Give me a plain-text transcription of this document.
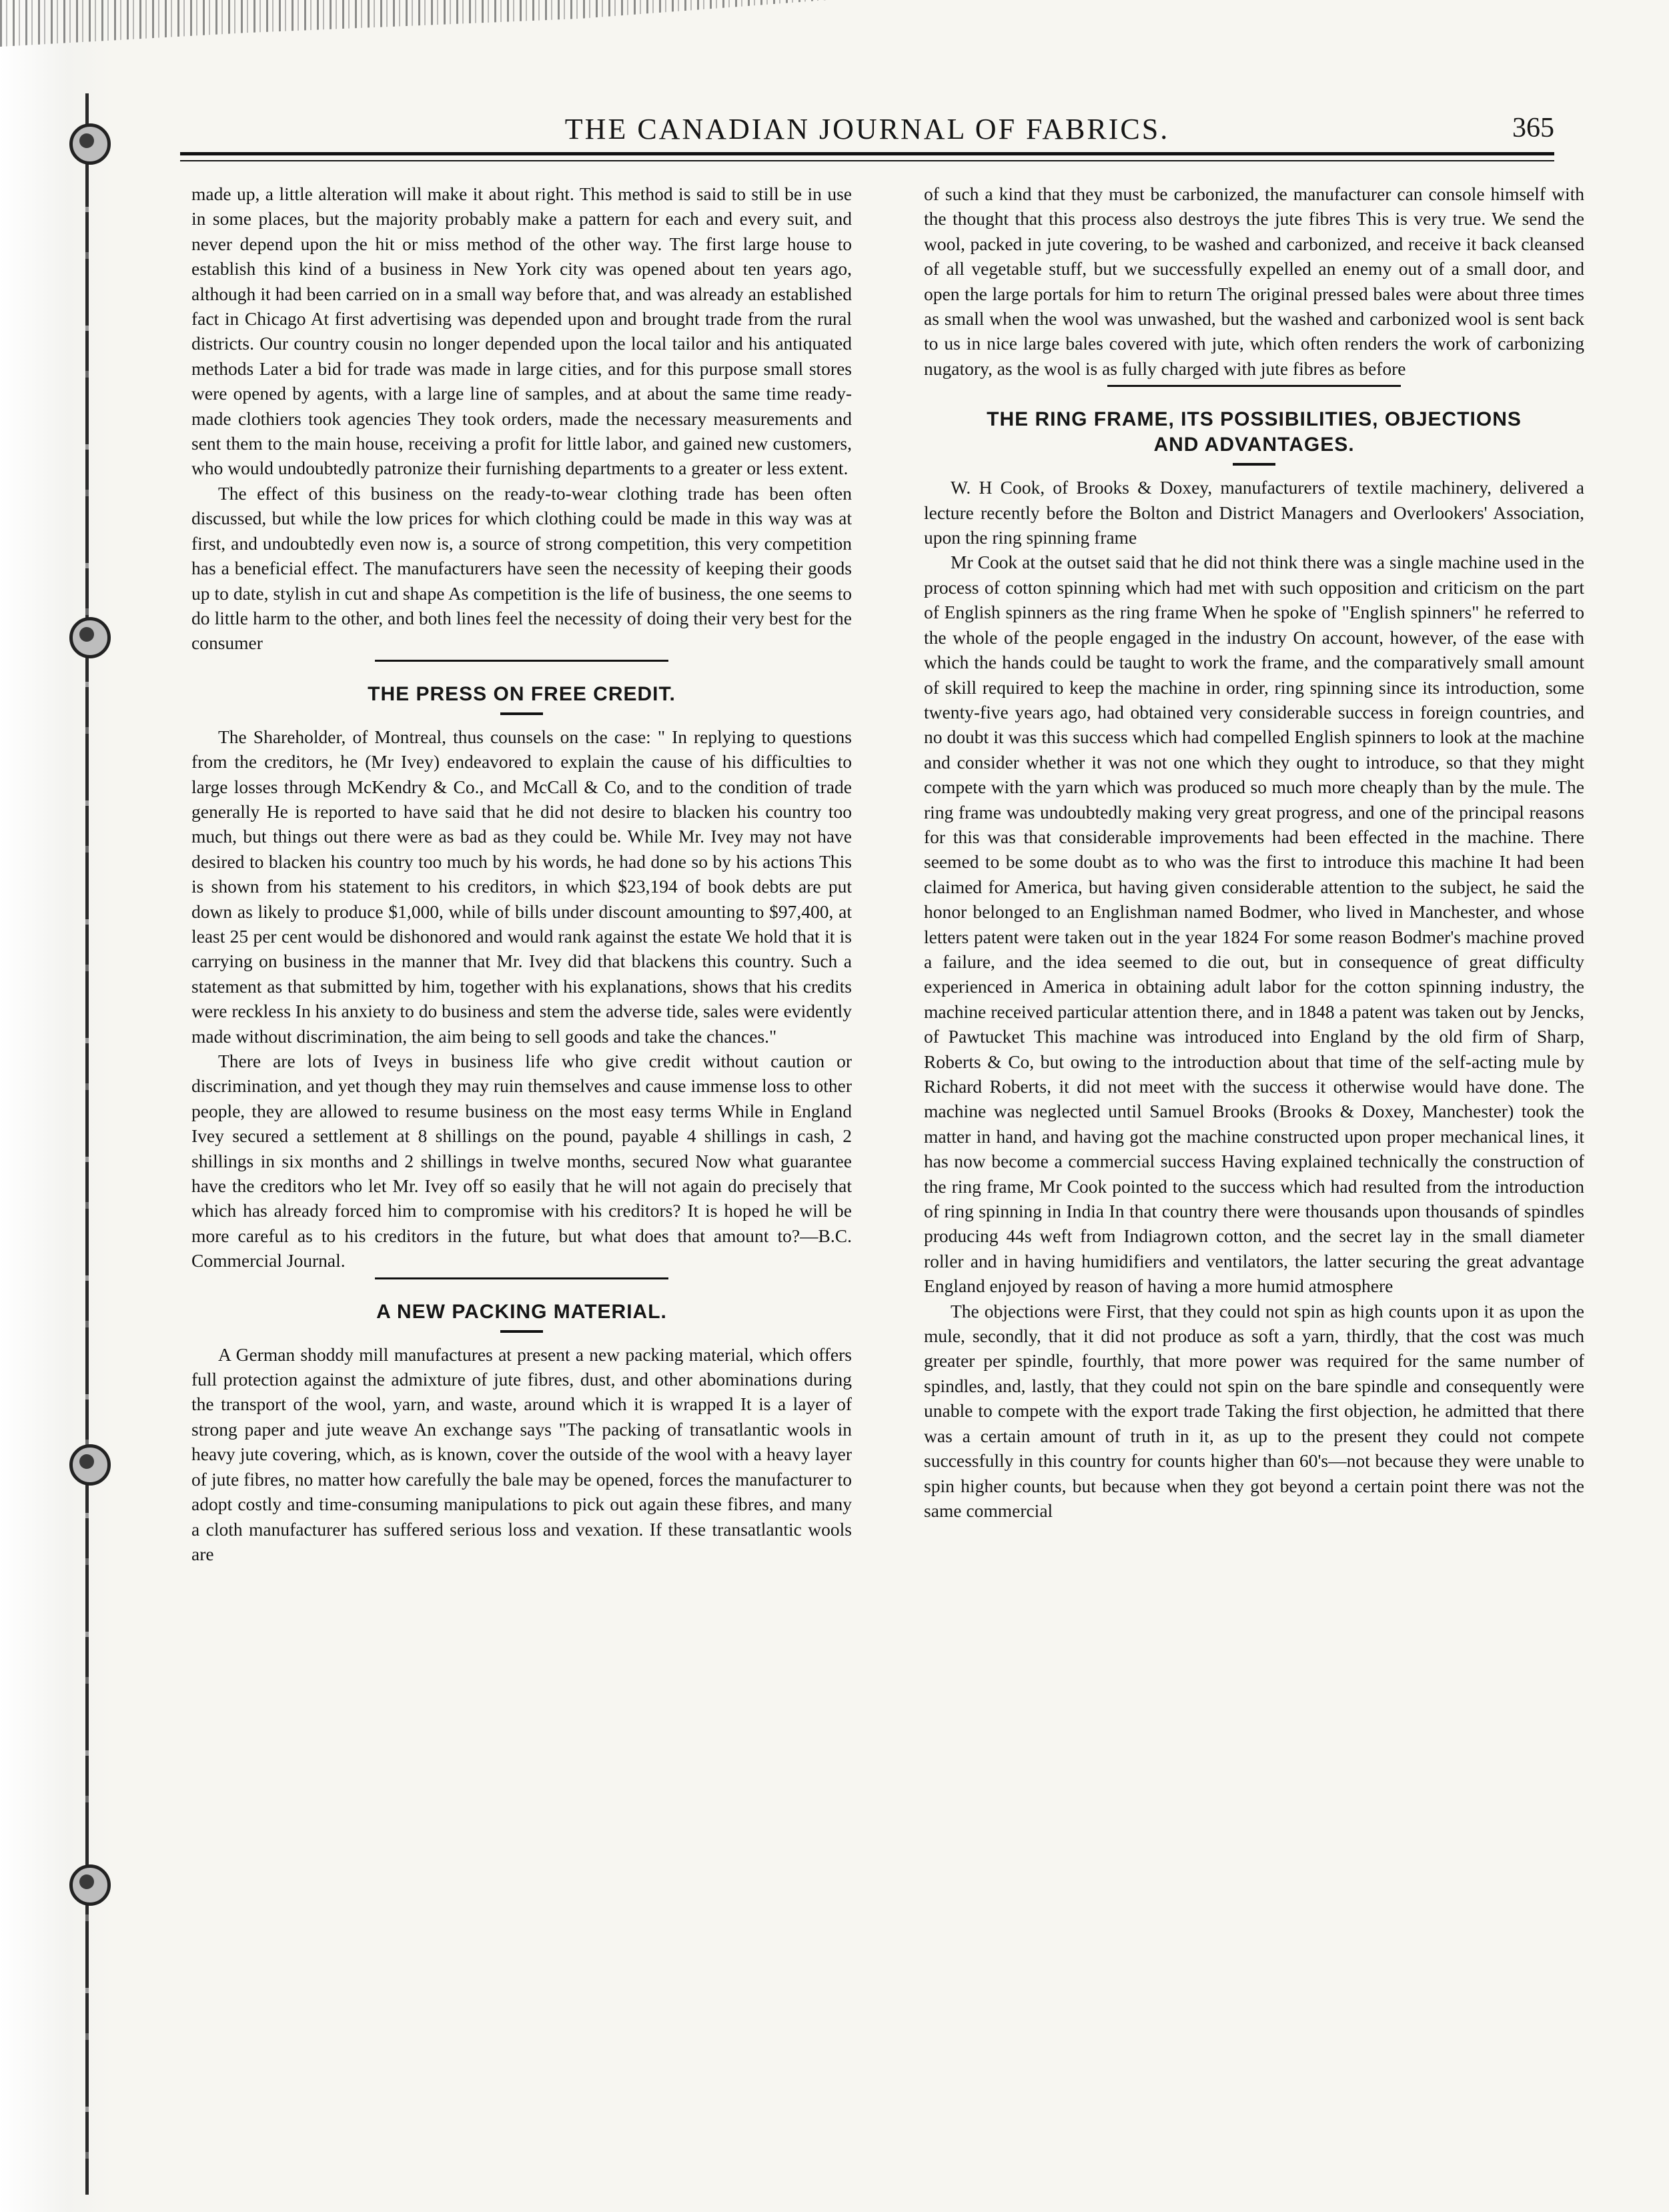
THE CANADIAN JOURNAL OF FABRICS.	365

made up, a little alteration will make it about right. This method is said to still be in use in some places, but the majority probably make a pattern for each and every suit, and never depend upon the hit or miss method of the other way. The first large house to establish this kind of a business in New York city was opened about ten years ago, although it had been carried on in a small way before that, and was already an established fact in Chicago At first advertising was depended upon and brought trade from the rural districts. Our country cousin no longer depended upon the local tailor and his antiquated methods Later a bid for trade was made in large cities, and for this purpose small stores were opened by agents, with a large line of samples, and at about the same time ready-made clothiers took agencies They took orders, made the necessary measurements and sent them to the main house, receiving a profit for little labor, and gained new customers, who would undoubtedly patronize their furnishing departments to a greater or less extent.

The effect of this business on the ready-to-wear clothing trade has been often discussed, but while the low prices for which clothing could be made in this way was at first, and undoubtedly even now is, a source of strong competition, this very competition has a beneficial effect. The manufacturers have seen the necessity of keeping their goods up to date, stylish in cut and shape As competition is the life of business, the one seems to do little harm to the other, and both lines feel the necessity of doing their very best for the consumer

THE PRESS ON FREE CREDIT.

The Shareholder, of Montreal, thus counsels on the case: " In replying to questions from the creditors, he (Mr Ivey) endeavored to explain the cause of his difficulties to large losses through McKendry & Co., and McCall & Co, and to the condition of trade generally He is reported to have said that he did not desire to blacken his country too much, but things out there were as bad as they could be. While Mr. Ivey may not have desired to blacken his country too much by his words, he had done so by his actions This is shown from his statement to his creditors, in which $23,194 of book debts are put down as likely to produce $1,000, while of bills under discount amounting to $97,400, at least 25 per cent would be dishonored and would rank against the estate We hold that it is carrying on business in the manner that Mr. Ivey did that blackens this country. Such a statement as that submitted by him, together with his explanations, shows that his credits were reckless In his anxiety to do business and stem the adverse tide, sales were evidently made without discrimination, the aim being to sell goods and take the chances."

There are lots of Iveys in business life who give credit without caution or discrimination, and yet though they may ruin themselves and cause immense loss to other people, they are allowed to resume business on the most easy terms While in England Ivey secured a settlement at 8 shillings on the pound, payable 4 shillings in cash, 2 shillings in six months and 2 shillings in twelve months, secured Now what guarantee have the creditors who let Mr. Ivey off so easily that he will not again do precisely that which has already forced him to compromise with his creditors? It is hoped he will be more careful as to his creditors in the future, but what does that amount to?—B.C. Commercial Journal.

A NEW PACKING MATERIAL.

A German shoddy mill manufactures at present a new packing material, which offers full protection against the admixture of jute fibres, dust, and other abominations during the transport of the wool, yarn, and waste, around which it is wrapped It is a layer of strong paper and jute weave An exchange says "The packing of transatlantic wools in heavy jute covering, which, as is known, cover the outside of the wool with a heavy layer of jute fibres, no matter how carefully the bale may be opened, forces the manufacturer to adopt costly and time-consuming manipulations to pick out again these fibres, and many a cloth manufacturer has suffered serious loss and vexation. If these transatlantic wools are

of such a kind that they must be carbonized, the manufacturer can console himself with the thought that this process also destroys the jute fibres This is very true. We send the wool, packed in jute covering, to be washed and carbonized, and receive it back cleansed of all vegetable stuff, but we successfully expelled an enemy out of a small door, and open the large portals for him to return The original pressed bales were about three times as small when the wool was unwashed, but the washed and carbonized wool is sent back to us in nice large bales covered with jute, which often renders the work of carbonizing nugatory, as the wool is as fully charged with jute fibres as before

THE RING FRAME, ITS POSSIBILITIES, OBJECTIONS
AND ADVANTAGES.

W. H Cook, of Brooks & Doxey, manufacturers of textile machinery, delivered a lecture recently before the Bolton and District Managers and Overlookers' Association, upon the ring spinning frame

Mr Cook at the outset said that he did not think there was a single machine used in the process of cotton spinning which had met with such opposition and criticism on the part of English spinners as the ring frame When he spoke of "English spinners" he referred to the whole of the people engaged in the industry On account, however, of the ease with which the hands could be taught to work the frame, and the comparatively small amount of skill required to keep the machine in order, ring spinning since its introduction, some twenty-five years ago, had obtained very considerable success in foreign countries, and no doubt it was this success which had compelled English spinners to look at the machine and consider whether it was not one which they ought to introduce, so that they might compete with the yarn which was produced so much more cheaply than by the mule. The ring frame was undoubtedly making very great progress, and one of the principal reasons for this was that considerable improvements had been effected in the machine. There seemed to be some doubt as to who was the first to introduce this machine It had been claimed for America, but having given considerable attention to the subject, he said the honor belonged to an Englishman named Bodmer, who lived in Manchester, and whose letters patent were taken out in the year 1824 For some reason Bodmer's machine proved a failure, and the idea seemed to die out, but in consequence of great difficulty experienced in America in obtaining adult labor for the cotton spinning industry, the machine received particular attention there, and in 1848 a patent was taken out by Jencks, of Pawtucket This machine was introduced into England by the old firm of Sharp, Roberts & Co, but owing to the introduction about that time of the self-acting mule by Richard Roberts, it did not meet with the success it otherwise would have done. The machine was neglected until Samuel Brooks (Brooks & Doxey, Manchester) took the matter in hand, and having got the machine constructed upon proper mechanical lines, it has now become a commercial success Having explained technically the construction of the ring frame, Mr Cook pointed to the success which had resulted from the introduction of ring spinning in India In that country there were thousands upon thousands of spindles producing 44s weft from Indiagrown cotton, and the secret lay in the small diameter roller and in having humidifiers and ventilators, the latter securing the great advantage England enjoyed by reason of having a more humid atmosphere

The objections were First, that they could not spin as high counts upon it as upon the mule, secondly, that it did not produce as soft a yarn, thirdly, that the cost was much greater per spindle, fourthly, that more power was required for the same number of spindles, and, lastly, that they could not spin on the bare spindle and consequently were unable to compete with the export trade Taking the first objection, he admitted that there was a certain amount of truth in it, as up to the present they could not compete successfully in this country for counts higher than 60's—not because they were unable to spin higher counts, but because when they got beyond a certain point there was not the same commercial
